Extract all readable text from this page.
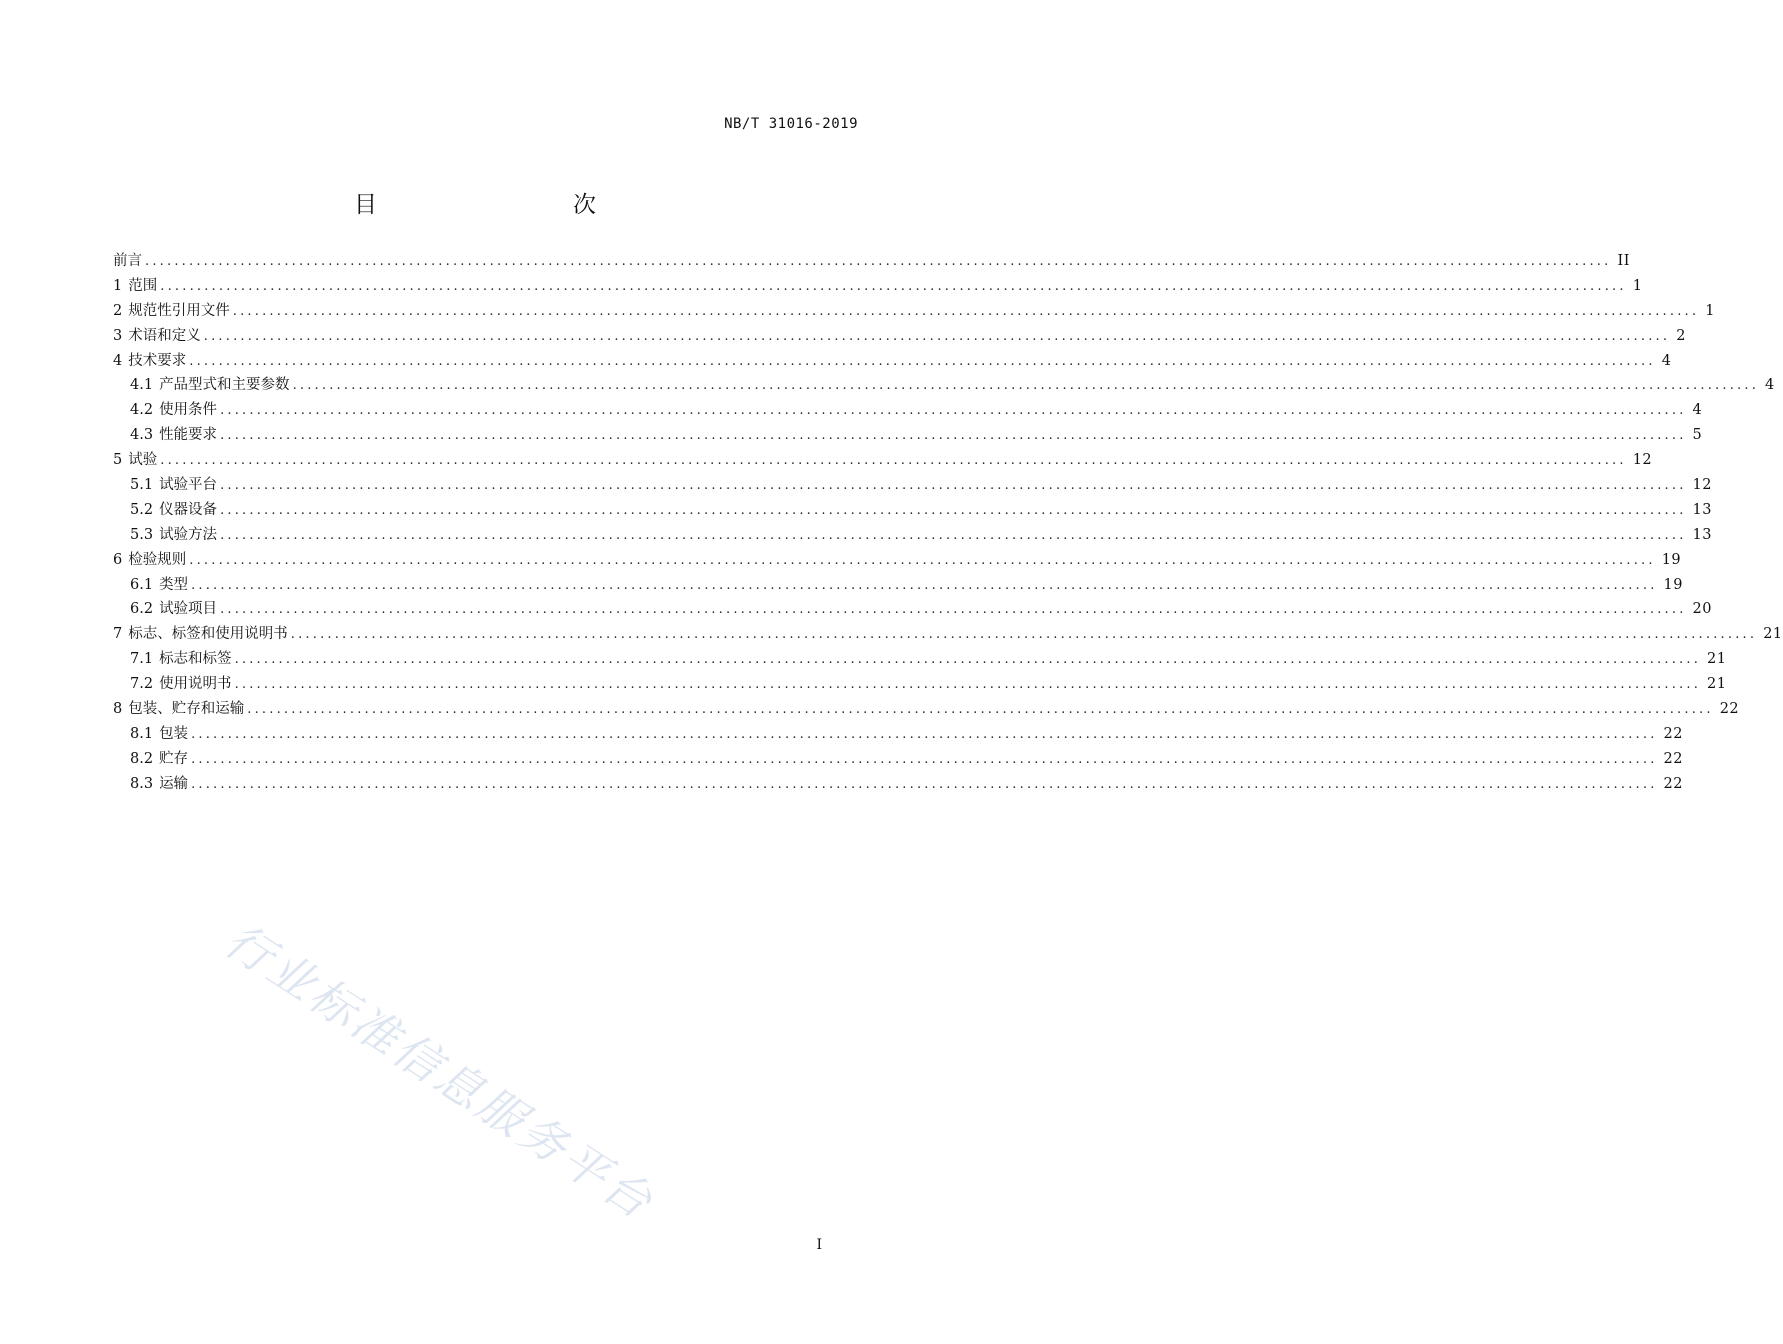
NB/T 31016-2019
目　　次
前言 ........................................................................................................................................................................................................ II
1 范围 ........................................................................................................................................................................................................ 1
2 规范性引用文件 ........................................................................................................................................................................................................ 1
3 术语和定义 ........................................................................................................................................................................................................ 2
4 技术要求 ........................................................................................................................................................................................................ 4
4.1 产品型式和主要参数 ........................................................................................................................................................................................................ 4
4.2 使用条件 ........................................................................................................................................................................................................ 4
4.3 性能要求 ........................................................................................................................................................................................................ 5
5 试验 ........................................................................................................................................................................................................ 12
5.1 试验平台 ........................................................................................................................................................................................................ 12
5.2 仪器设备 ........................................................................................................................................................................................................ 13
5.3 试验方法 ........................................................................................................................................................................................................ 13
6 检验规则 ........................................................................................................................................................................................................ 19
6.1 类型 ........................................................................................................................................................................................................ 19
6.2 试验项目 ........................................................................................................................................................................................................ 20
7 标志、标签和使用说明书 ........................................................................................................................................................................................................ 21
7.1 标志和标签 ........................................................................................................................................................................................................ 21
7.2 使用说明书 ........................................................................................................................................................................................................ 21
8 包装、贮存和运输 ........................................................................................................................................................................................................ 22
8.1 包装 ........................................................................................................................................................................................................ 22
8.2 贮存 ........................................................................................................................................................................................................ 22
8.3 运输 ........................................................................................................................................................................................................ 22
行业标准信息服务平台
I
